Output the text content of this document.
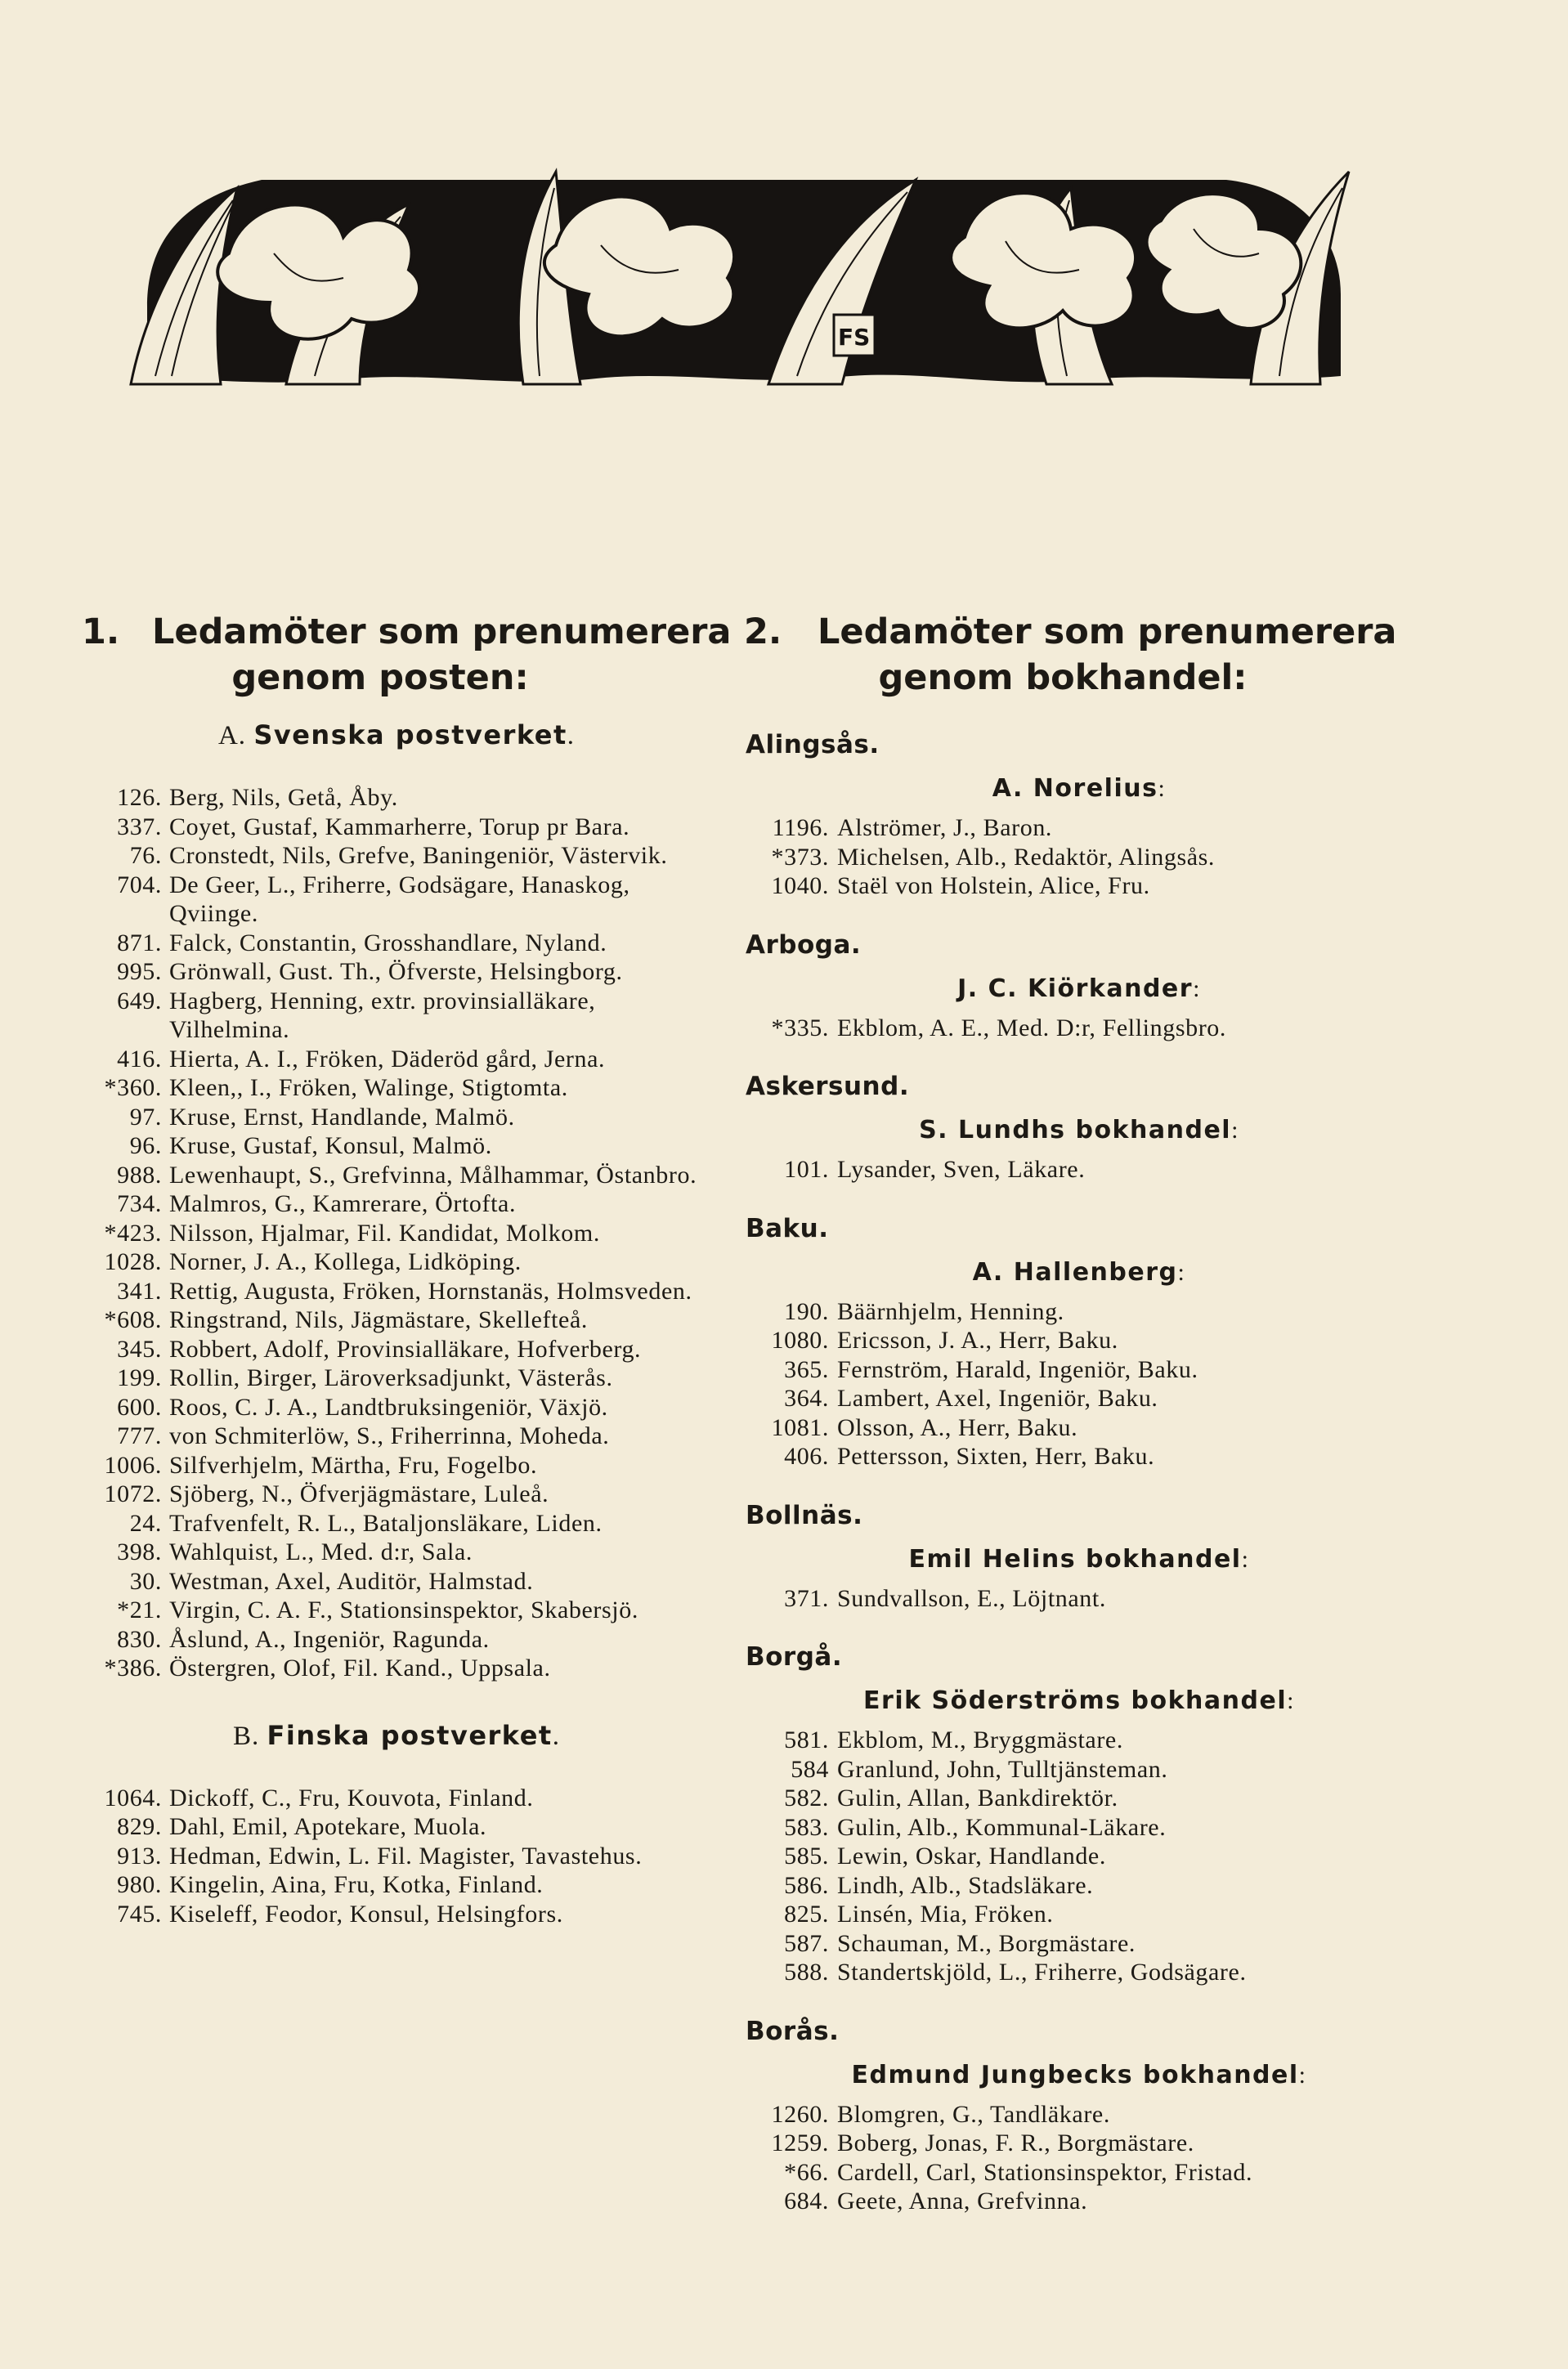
FS
1. Ledamöter som prenumerera
genom posten:
A. Svenska postverket.
126. Berg, Nils, Getå, Åby.
337. Coyet, Gustaf, Kammarherre, Torup pr Bara.
76. Cronstedt, Nils, Grefve, Baningeniör, Västervik.
704. De Geer, L., Friherre, Godsägare, Hanaskog, Qviinge.
871. Falck, Constantin, Grosshandlare, Nyland.
995. Grönwall, Gust. Th., Öfverste, Helsingborg.
649. Hagberg, Henning, extr. provinsialläkare, Vilhelmina.
416. Hierta, A. I., Fröken, Däderöd gård, Jerna.
*360. Kleen,, I., Fröken, Walinge, Stigtomta.
97. Kruse, Ernst, Handlande, Malmö.
96. Kruse, Gustaf, Konsul, Malmö.
988. Lewenhaupt, S., Grefvinna, Målhammar, Östanbro.
734. Malmros, G., Kamrerare, Örtofta.
*423. Nilsson, Hjalmar, Fil. Kandidat, Molkom.
1028. Norner, J. A., Kollega, Lidköping.
341. Rettig, Augusta, Fröken, Hornstanäs, Holmsveden.
*608. Ringstrand, Nils, Jägmästare, Skellefteå.
345. Robbert, Adolf, Provinsialläkare, Hofverberg.
199. Rollin, Birger, Läroverksadjunkt, Västerås.
600. Roos, C. J. A., Landtbruksingeniör, Växjö.
777. von Schmiterlöw, S., Friherrinna, Moheda.
1006. Silfverhjelm, Märtha, Fru, Fogelbo.
1072. Sjöberg, N., Öfverjägmästare, Luleå.
24. Trafvenfelt, R. L., Bataljonsläkare, Liden.
398. Wahlquist, L., Med. d:r, Sala.
30. Westman, Axel, Auditör, Halmstad.
*21. Virgin, C. A. F., Stationsinspektor, Skabersjö.
830. Åslund, A., Ingeniör, Ragunda.
*386. Östergren, Olof, Fil. Kand., Uppsala.
B. Finska postverket.
1064. Dickoff, C., Fru, Kouvota, Finland.
829. Dahl, Emil, Apotekare, Muola.
913. Hedman, Edwin, L. Fil. Magister, Tavastehus.
980. Kingelin, Aina, Fru, Kotka, Finland.
745. Kiseleff, Feodor, Konsul, Helsingfors.
2. Ledamöter som prenumerera
genom bokhandel:
Alingsås.
A. Norelius:
1196. Alströmer, J., Baron.
*373. Michelsen, Alb., Redaktör, Alingsås.
1040. Staël von Holstein, Alice, Fru.
Arboga.
J. C. Kiörkander:
*335. Ekblom, A. E., Med. D:r, Fellingsbro.
Askersund.
S. Lundhs bokhandel:
101. Lysander, Sven, Läkare.
Baku.
A. Hallenberg:
190. Bäärnhjelm, Henning.
1080. Ericsson, J. A., Herr, Baku.
365. Fernström, Harald, Ingeniör, Baku.
364. Lambert, Axel, Ingeniör, Baku.
1081. Olsson, A., Herr, Baku.
406. Pettersson, Sixten, Herr, Baku.
Bollnäs.
Emil Helins bokhandel:
371. Sundvallson, E., Löjtnant.
Borgå.
Erik Söderströms bokhandel:
581. Ekblom, M., Bryggmästare.
584 Granlund, John, Tulltjänsteman.
582. Gulin, Allan, Bankdirektör.
583. Gulin, Alb., Kommunal-Läkare.
585. Lewin, Oskar, Handlande.
586. Lindh, Alb., Stadsläkare.
825. Linsén, Mia, Fröken.
587. Schauman, M., Borgmästare.
588. Standertskjöld, L., Friherre, Godsägare.
Borås.
Edmund Jungbecks bokhandel:
1260. Blomgren, G., Tandläkare.
1259. Boberg, Jonas, F. R., Borgmästare.
*66. Cardell, Carl, Stationsinspektor, Fristad.
684. Geete, Anna, Grefvinna.
